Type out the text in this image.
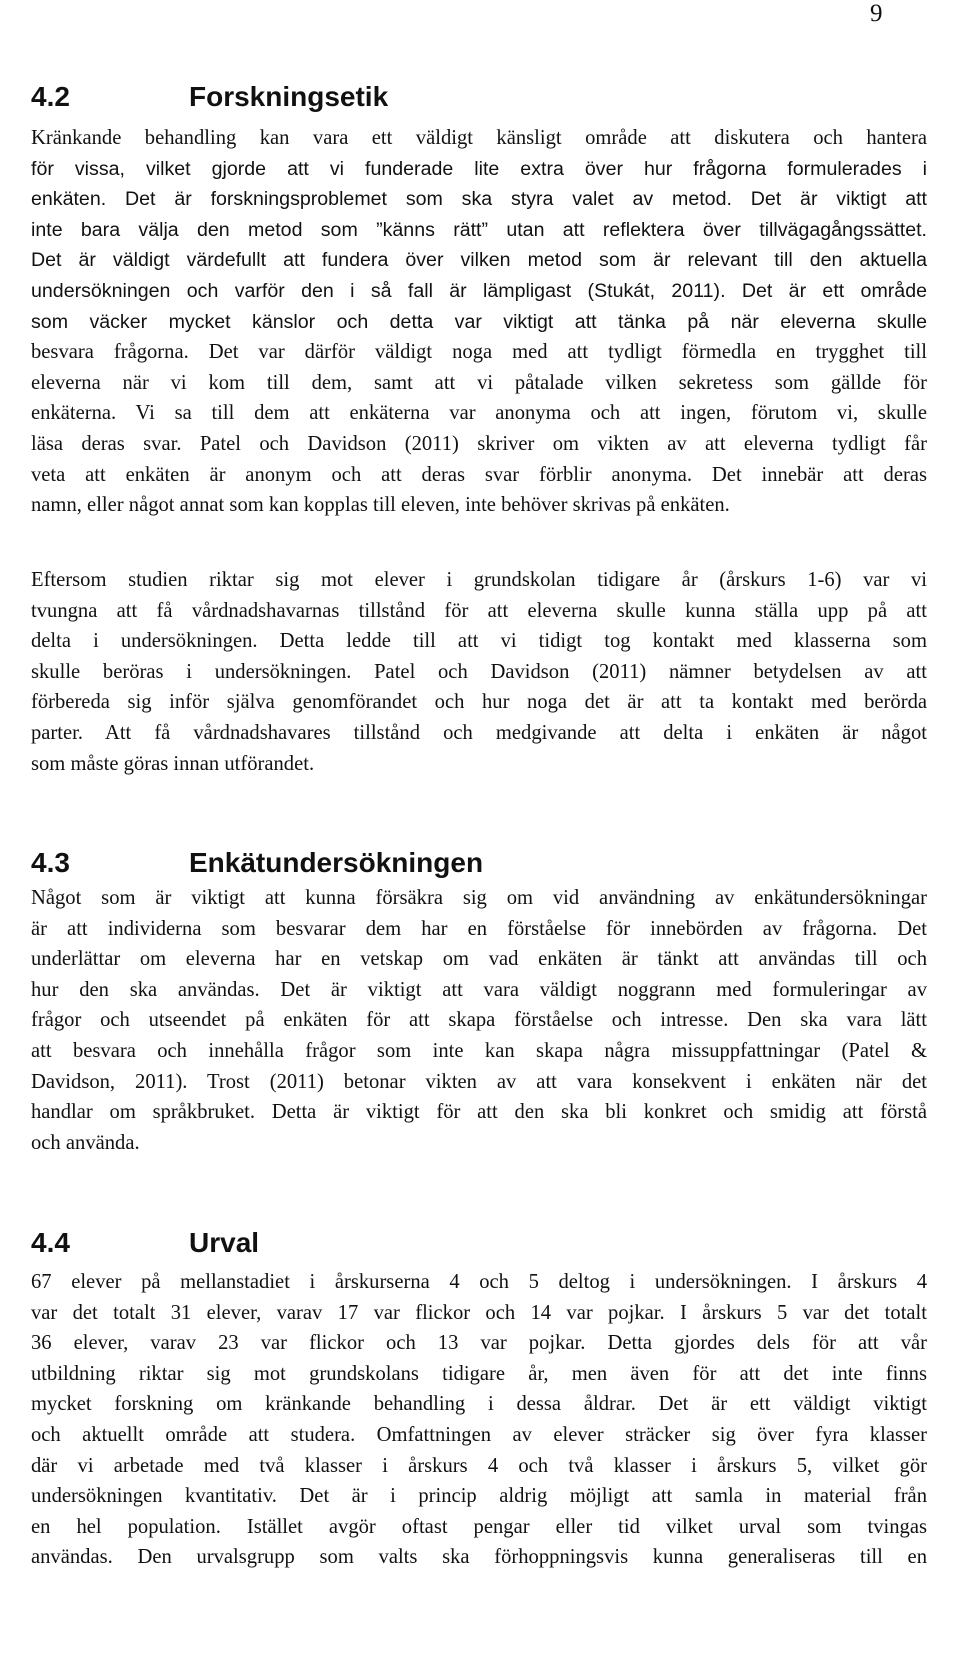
9
4.2	Forskningsetik
Kränkande behandling kan vara ett väldigt känsligt område att diskutera och hantera
för vissa, vilket gjorde att vi funderade lite extra över hur frågorna formulerades i
enkäten. Det är forskningsproblemet som ska styra valet av metod. Det är viktigt att
inte bara välja den metod som ”känns rätt” utan att reflektera över tillvägagångssättet.
Det är väldigt värdefullt att fundera över vilken metod som är relevant till den aktuella
undersökningen och varför den i så fall är lämpligast (Stukát, 2011). Det är ett område
som väcker mycket känslor och detta var viktigt att tänka på när eleverna skulle
besvara frågorna. Det var därför väldigt noga med att tydligt förmedla en trygghet till
eleverna när vi kom till dem, samt att vi påtalade vilken sekretess som gällde för
enkäterna. Vi sa till dem att enkäterna var anonyma och att ingen, förutom vi, skulle
läsa deras svar. Patel och Davidson (2011) skriver om vikten av att eleverna tydligt får
veta att enkäten är anonym och att deras svar förblir anonyma. Det innebär att deras
namn, eller något annat som kan kopplas till eleven, inte behöver skrivas på enkäten.
Eftersom studien riktar sig mot elever i grundskolan tidigare år (årskurs 1-6) var vi
tvungna att få vårdnadshavarnas tillstånd för att eleverna skulle kunna ställa upp på att
delta i undersökningen. Detta ledde till att vi tidigt tog kontakt med klasserna som
skulle beröras i undersökningen. Patel och Davidson (2011) nämner betydelsen av att
förbereda sig inför själva genomförandet och hur noga det är att ta kontakt med berörda
parter. Att få vårdnadshavares tillstånd och medgivande att delta i enkäten är något
som måste göras innan utförandet.
4.3	Enkätundersökningen
Något som är viktigt att kunna försäkra sig om vid användning av enkätundersökningar
är att individerna som besvarar dem har en förståelse för innebörden av frågorna. Det
underlättar om eleverna har en vetskap om vad enkäten är tänkt att användas till och
hur den ska användas. Det är viktigt att vara väldigt noggrann med formuleringar av
frågor och utseendet på enkäten för att skapa förståelse och intresse. Den ska vara lätt
att besvara och innehålla frågor som inte kan skapa några missuppfattningar (Patel &
Davidson, 2011). Trost (2011) betonar vikten av att vara konsekvent i enkäten när det
handlar om språkbruket. Detta är viktigt för att den ska bli konkret och smidig att förstå
och använda.
4.4	Urval
67 elever på mellanstadiet i årskurserna 4 och 5 deltog i undersökningen. I årskurs 4
var det totalt 31 elever, varav 17 var flickor och 14 var pojkar. I årskurs 5 var det totalt
36 elever, varav 23 var flickor och 13 var pojkar. Detta gjordes dels för att vår
utbildning riktar sig mot grundskolans tidigare år, men även för att det inte finns
mycket forskning om kränkande behandling i dessa åldrar. Det är ett väldigt viktigt
och aktuellt område att studera. Omfattningen av elever sträcker sig över fyra klasser
där vi arbetade med två klasser i årskurs 4 och två klasser i årskurs 5, vilket gör
undersökningen kvantitativ. Det är i princip aldrig möjligt att samla in material från
en hel population. Istället avgör oftast pengar eller tid vilket urval som tvingas
användas. Den urvalsgrupp som valts ska förhoppningsvis kunna generaliseras till en
